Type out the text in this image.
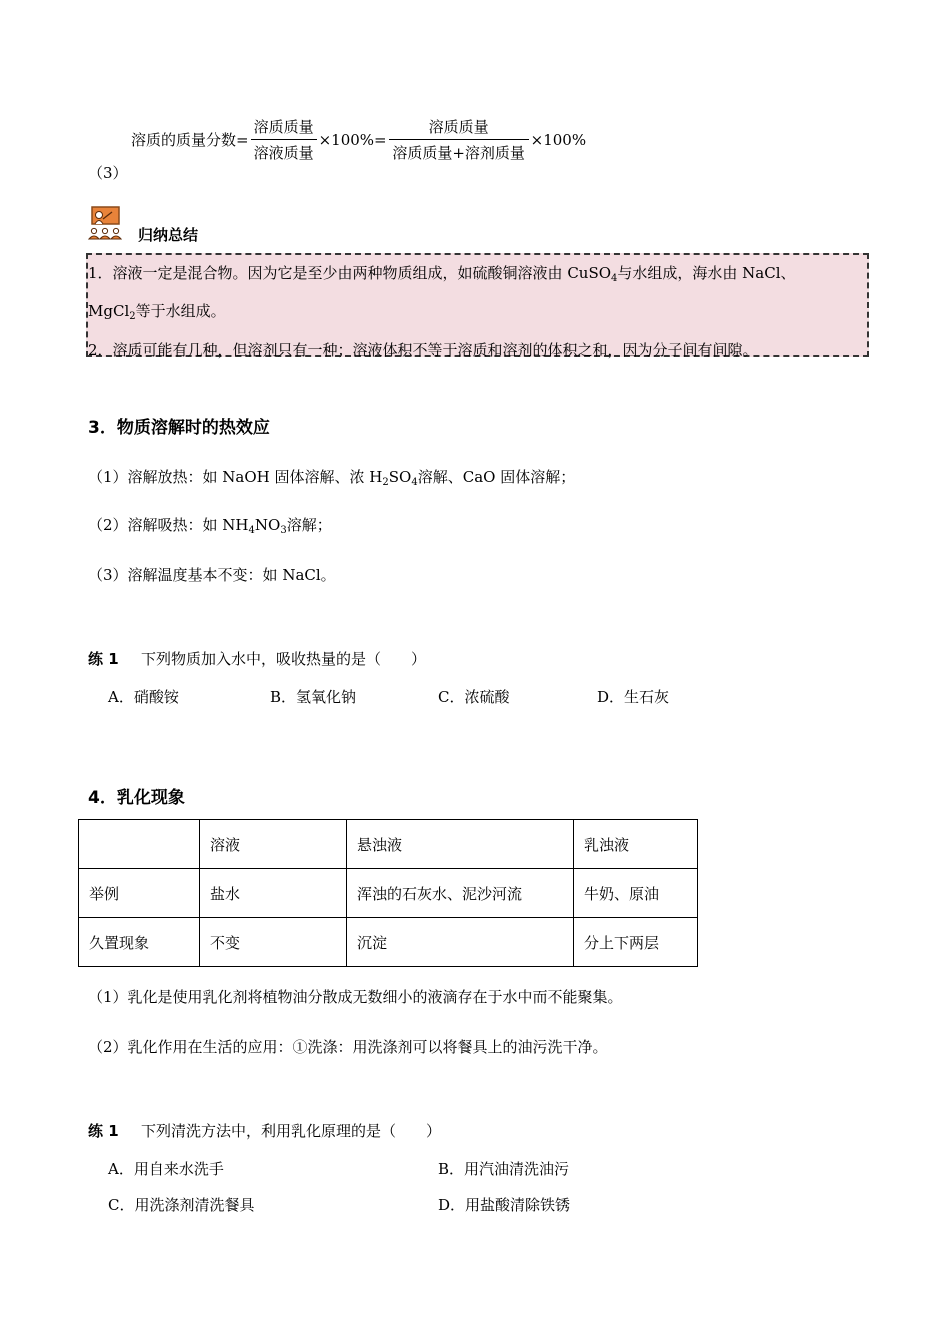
溶质的质量分数= $\frac{\text{溶质质量}}{\text{溶液质量}} \times 100\%= \frac{\text{溶质质量}}{\text{溶质质量+溶剂质量}} \times 100\%$
（3）
归纳总结
1．溶液一定是混合物。因为它是至少由两种物质组成，如硫酸铜溶液由 CuSO$_4$与水组成，海水由 NaCl、
MgCl$_2$等于水组成。
2．溶质可能有几种，但溶剂只有一种；溶液体积不等于溶质和溶剂的体积之和，因为分子间有间隙。
3．物质溶解时的热效应
（1）溶解放热：如 NaOH 固体溶解、浓 $H_2SO_4$溶解、CaO 固体溶解；
（2）溶解吸热：如 $NH_4NO_3$溶解；
（3）溶解温度基本不变：如 NaCl。
练 1 下列物质加入水中，吸收热量的是（　　）
A．硝酸铵	B．氢氧化钠	C．浓硫酸	D．生石灰
4．乳化现象
	溶液	悬浊液	乳浊液
举例	盐水	浑浊的石灰水、泥沙河流	牛奶、原油
久置现象	不变	沉淀	分上下两层
（1）乳化是使用乳化剂将植物油分散成无数细小的液滴存在于水中而不能聚集。
（2）乳化作用在生活的应用：①洗涤：用洗涤剂可以将餐具上的油污洗干净。
练 1 下列清洗方法中，利用乳化原理的是（　　）
A．用自来水洗手	B．用汽油清洗油污
C．用洗涤剂清洗餐具	D．用盐酸清除铁锈
